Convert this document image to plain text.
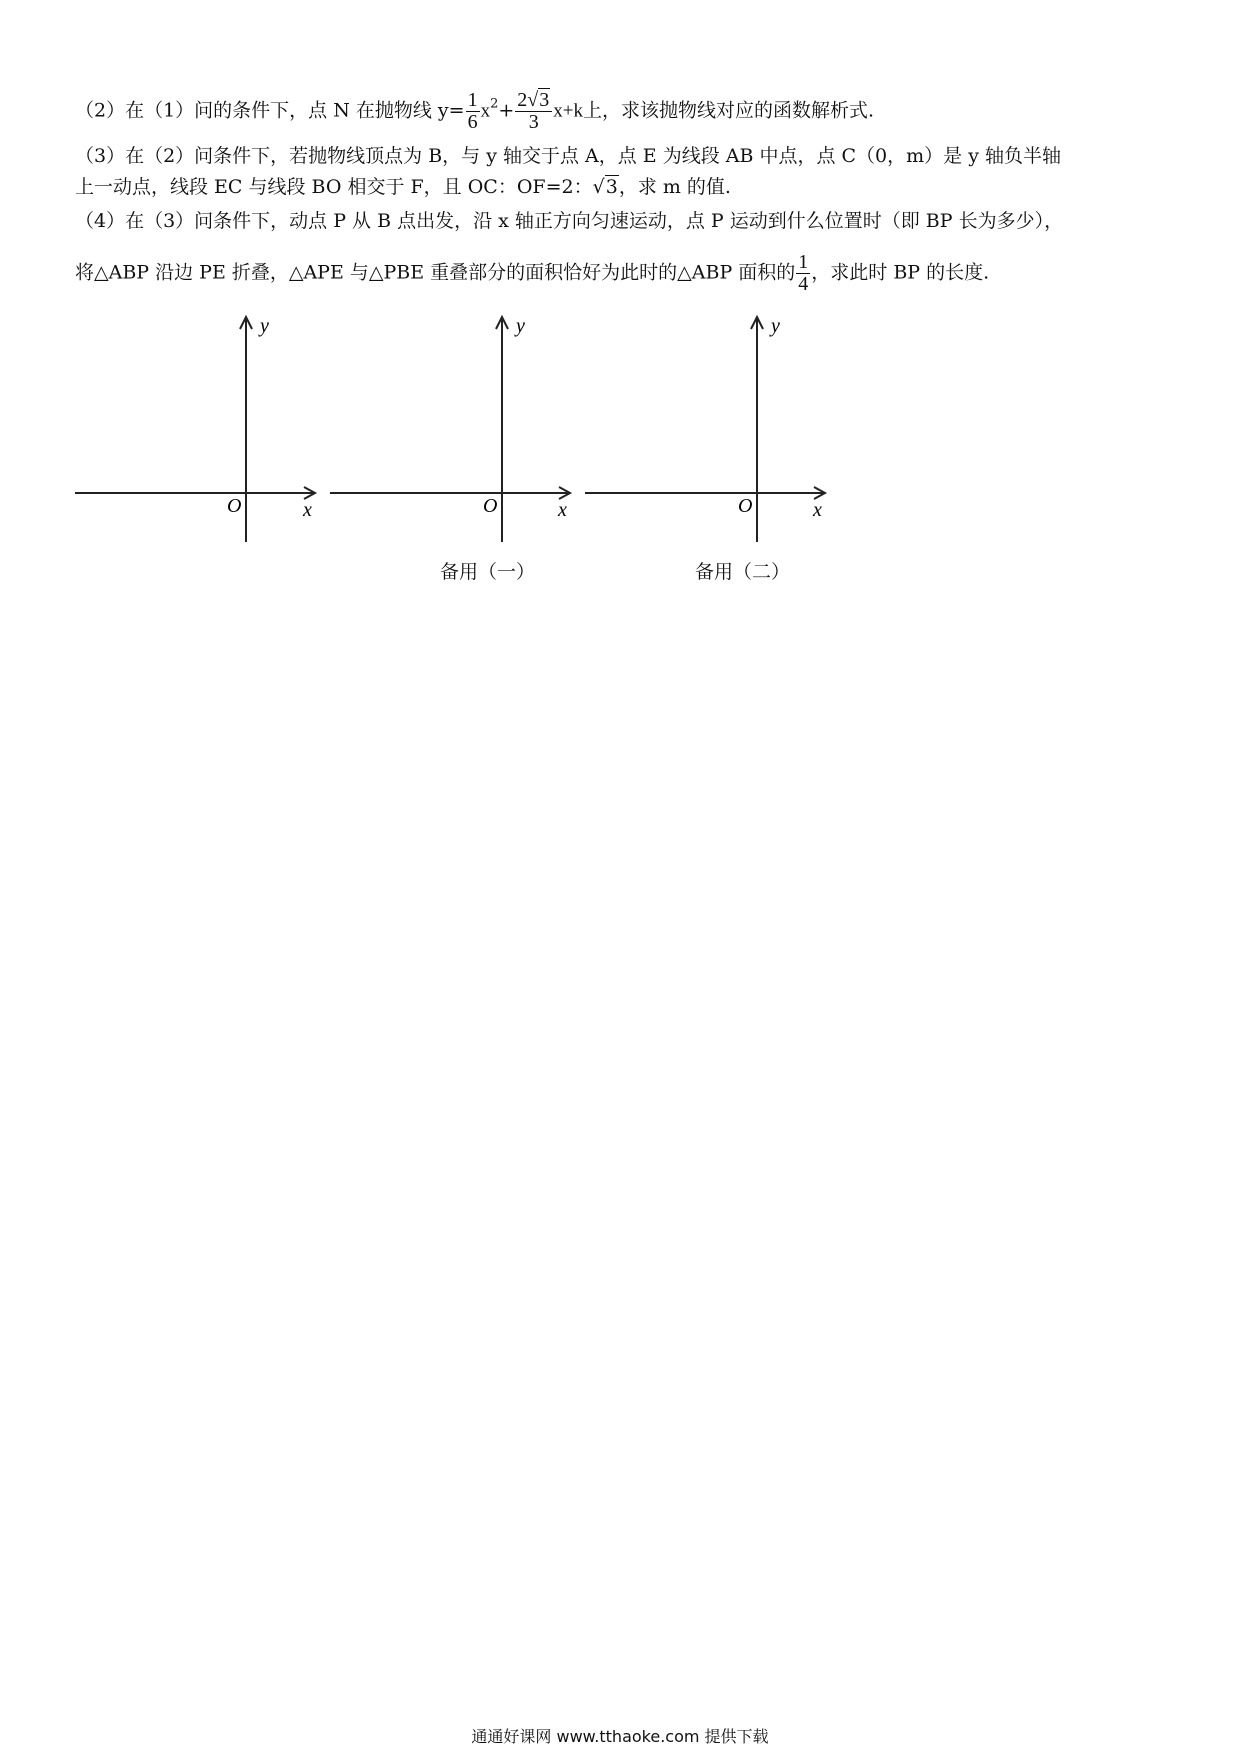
（2）在（1）问的条件下，点 N 在抛物线 $y= \frac{1}{6} x^2+ \frac{2√3}{3} x+k$上，求该抛物线对应的函数解析式.
（3）在（2）问条件下，若抛物线顶点为 B，与 y 轴交于点 A，点 E 为线段 AB 中点，点 C（0，m）是 y 轴负半轴
上一动点，线段 EC 与线段 BO 相交于 F，且 OC：OF=2：√3，求 m 的值.
（4）在（3）问条件下，动点 P 从 B 点出发，沿 x 轴正方向匀速运动，点 P 运动到什么位置时（即 BP 长为多少），
将△ABP 沿边 PE 折叠，△APE 与△PBE 重叠部分的面积恰好为此时的△ABP 面积的 $\frac{1}{4}$ ，求此时 BP 的长度.
y
x
O
y
x
O
y
x
O
备用（一）	备用（二）
通通好课网 www.tthaoke.com 提供下载
